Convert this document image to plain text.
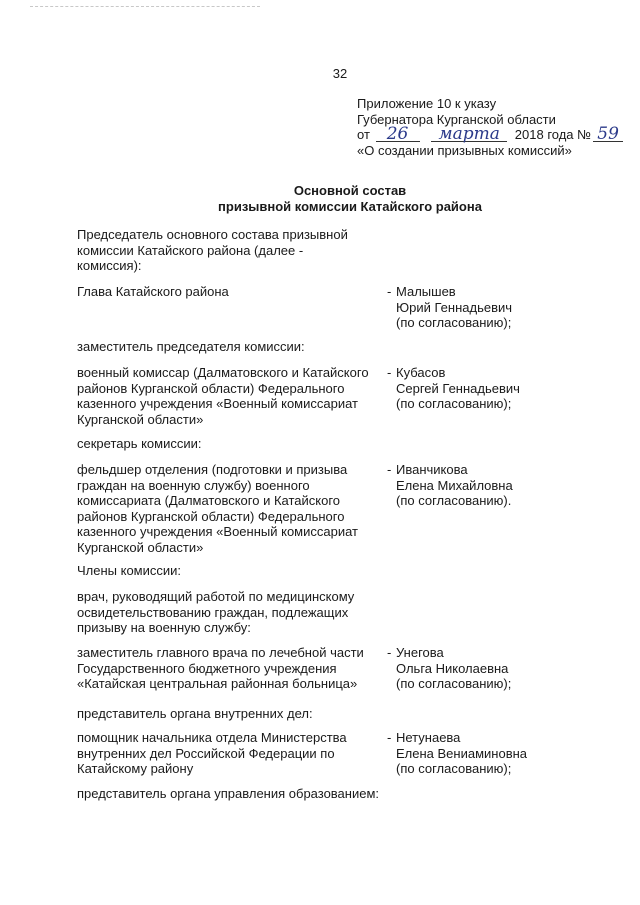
32
Приложение 10 к указу
Губернатора Курганской области
от 26 марта 2018 года № 59
«О создании призывных комиссий»
Основной состав
призывной комиссии Катайского района
Председатель основного состава призывной комиссии Катайского района (далее - комиссия):
Глава Катайского района	- Малышев
Юрий Геннадьевич
(по согласованию);
заместитель председателя комиссии:
военный комиссар (Далматовского и Катайского районов Курганской области) Федерального казенного учреждения «Военный комиссариат Курганской области»
- Кубасов
Сергей Геннадьевич
(по согласованию);
секретарь комиссии:
фельдшер отделения (подготовки и призыва граждан на военную службу) военного комиссариата (Далматовского и Катайского районов Курганской области) Федерального казенного учреждения «Военный комиссариат Курганской области»
- Иванчикова
Елена Михайловна
(по согласованию).
Члены комиссии:
врач, руководящий работой по медицинскому освидетельствованию граждан, подлежащих призыву на военную службу:
заместитель главного врача по лечебной части Государственного бюджетного учреждения «Катайская центральная районная больница»
- Унегова
Ольга Николаевна
(по согласованию);
представитель органа внутренних дел:
помощник начальника отдела Министерства внутренних дел Российской Федерации по Катайскому району
- Нетунаева
Елена Вениаминовна
(по согласованию);
представитель органа управления образованием:
